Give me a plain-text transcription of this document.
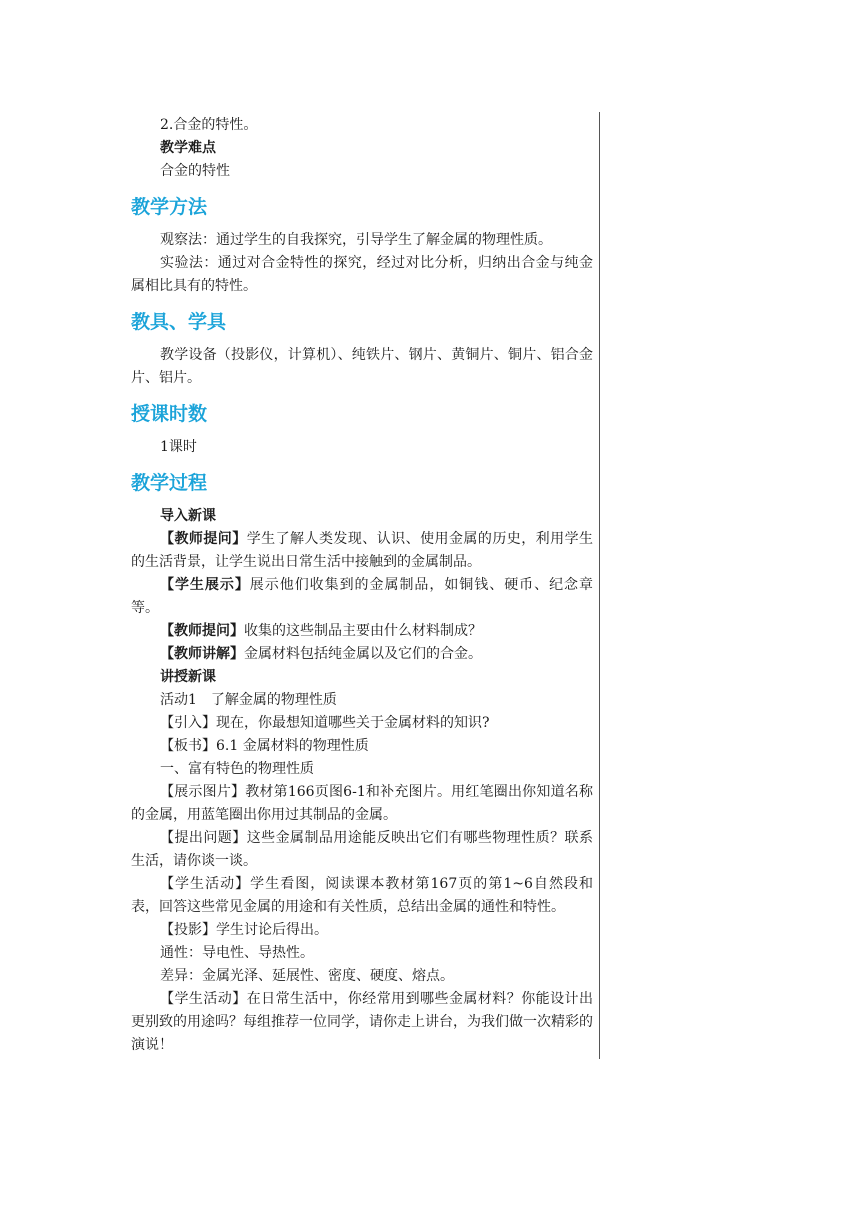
2.合金的特性。

教学难点

合金的特性

教学方法

观察法：通过学生的自我探究，引导学生了解金属的物理性质。

实验法：通过对合金特性的探究，经过对比分析，归纳出合金与纯金属相比具有的特性。

教具、学具

教学设备（投影仪，计算机）、纯铁片、钢片、黄铜片、铜片、铝合金片、铝片。

授课时数

1课时

教学过程

导入新课

【教师提问】学生了解人类发现、认识、使用金属的历史，利用学生的生活背景，让学生说出日常生活中接触到的金属制品。

【学生展示】展示他们收集到的金属制品，如铜钱、硬币、纪念章等。

【教师提问】收集的这些制品主要由什么材料制成？

【教师讲解】金属材料包括纯金属以及它们的合金。

讲授新课

活动1　了解金属的物理性质

【引入】现在，你最想知道哪些关于金属材料的知识?

【板书】6.1 金属材料的物理性质

一、富有特色的物理性质

【展示图片】教材第166页图6-1和补充图片。用红笔圈出你知道名称的金属，用蓝笔圈出你用过其制品的金属。

【提出问题】这些金属制品用途能反映出它们有哪些物理性质？联系生活，请你谈一谈。

【学生活动】学生看图，阅读课本教材第167页的第1~6自然段和表，回答这些常见金属的用途和有关性质，总结出金属的通性和特性。

【投影】学生讨论后得出。

通性：导电性、导热性。

差异：金属光泽、延展性、密度、硬度、熔点。

【学生活动】在日常生活中，你经常用到哪些金属材料？你能设计出更别致的用途吗？每组推荐一位同学，请你走上讲台，为我们做一次精彩的演说！
